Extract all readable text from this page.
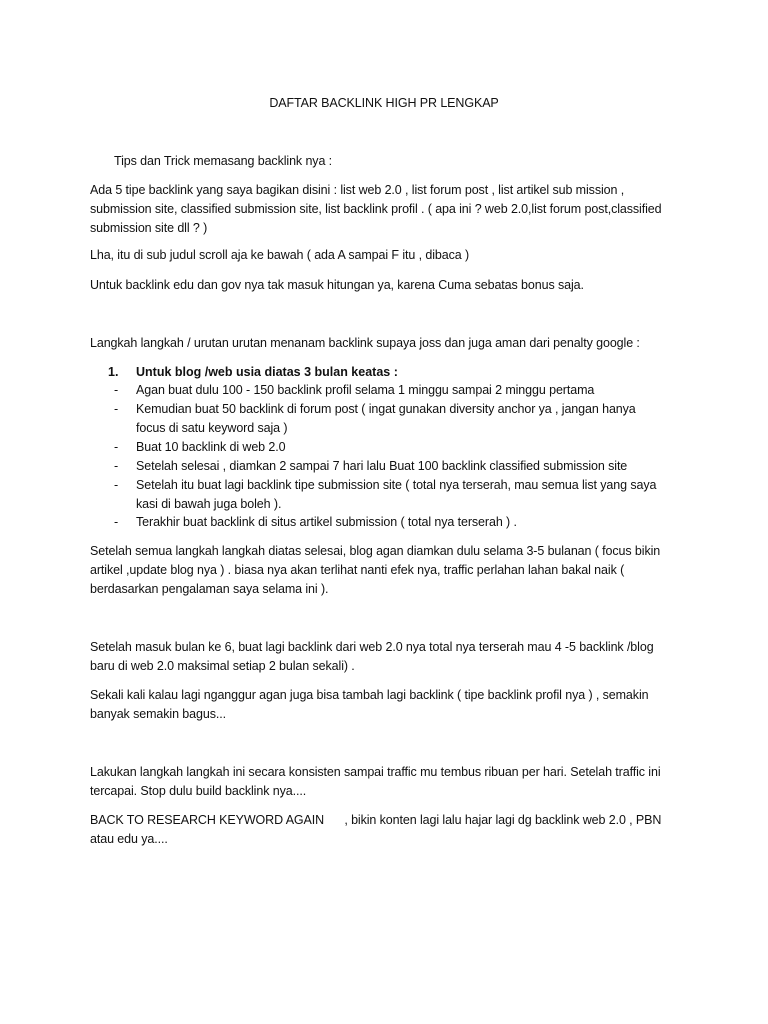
DAFTAR BACKLINK HIGH PR LENGKAP
Tips dan Trick memasang backlink nya :
Ada 5 tipe backlink yang saya bagikan disini : list web 2.0 , list forum post , list artikel sub mission , submission site, classified submission site, list backlink profil . ( apa ini ? web 2.0,list forum post,classified submission site dll ? )
Lha, itu di sub judul scroll aja ke bawah ( ada A sampai F itu , dibaca )
Untuk backlink edu dan gov nya tak masuk hitungan ya, karena Cuma sebatas bonus saja.
Langkah langkah / urutan urutan menanam backlink supaya joss dan juga aman dari penalty google :
1.	Untuk blog /web usia diatas 3 bulan keatas :
-	Agan buat dulu 100 - 150 backlink profil selama 1 minggu sampai 2 minggu pertama
-	Kemudian buat 50 backlink di forum post ( ingat gunakan diversity anchor ya , jangan hanya focus di satu keyword saja )
-	Buat 10 backlink di web 2.0
-	Setelah selesai , diamkan 2 sampai 7 hari lalu Buat 100 backlink classified submission site
-	Setelah itu buat lagi backlink tipe submission site ( total nya terserah, mau semua list yang saya kasi di bawah juga boleh ).
-	Terakhir buat backlink di situs artikel submission ( total nya terserah ) .
Setelah semua langkah langkah diatas selesai, blog agan diamkan dulu selama 3-5 bulanan ( focus bikin artikel ,update blog nya ) . biasa nya akan terlihat nanti efek nya, traffic perlahan lahan bakal naik ( berdasarkan pengalaman saya selama ini ).
Setelah masuk bulan ke 6, buat lagi backlink dari web 2.0 nya total nya terserah mau 4 -5 backlink /blog baru di web 2.0 maksimal setiap 2 bulan sekali) .
Sekali kali kalau lagi nganggur agan juga bisa tambah lagi backlink ( tipe backlink profil nya ) , semakin banyak semakin bagus...
Lakukan langkah langkah ini secara konsisten sampai traffic mu tembus ribuan per hari. Setelah traffic ini tercapai. Stop dulu build backlink nya....
BACK TO RESEARCH KEYWORD AGAIN      , bikin konten lagi lalu hajar lagi dg backlink web 2.0 , PBN atau edu ya....
